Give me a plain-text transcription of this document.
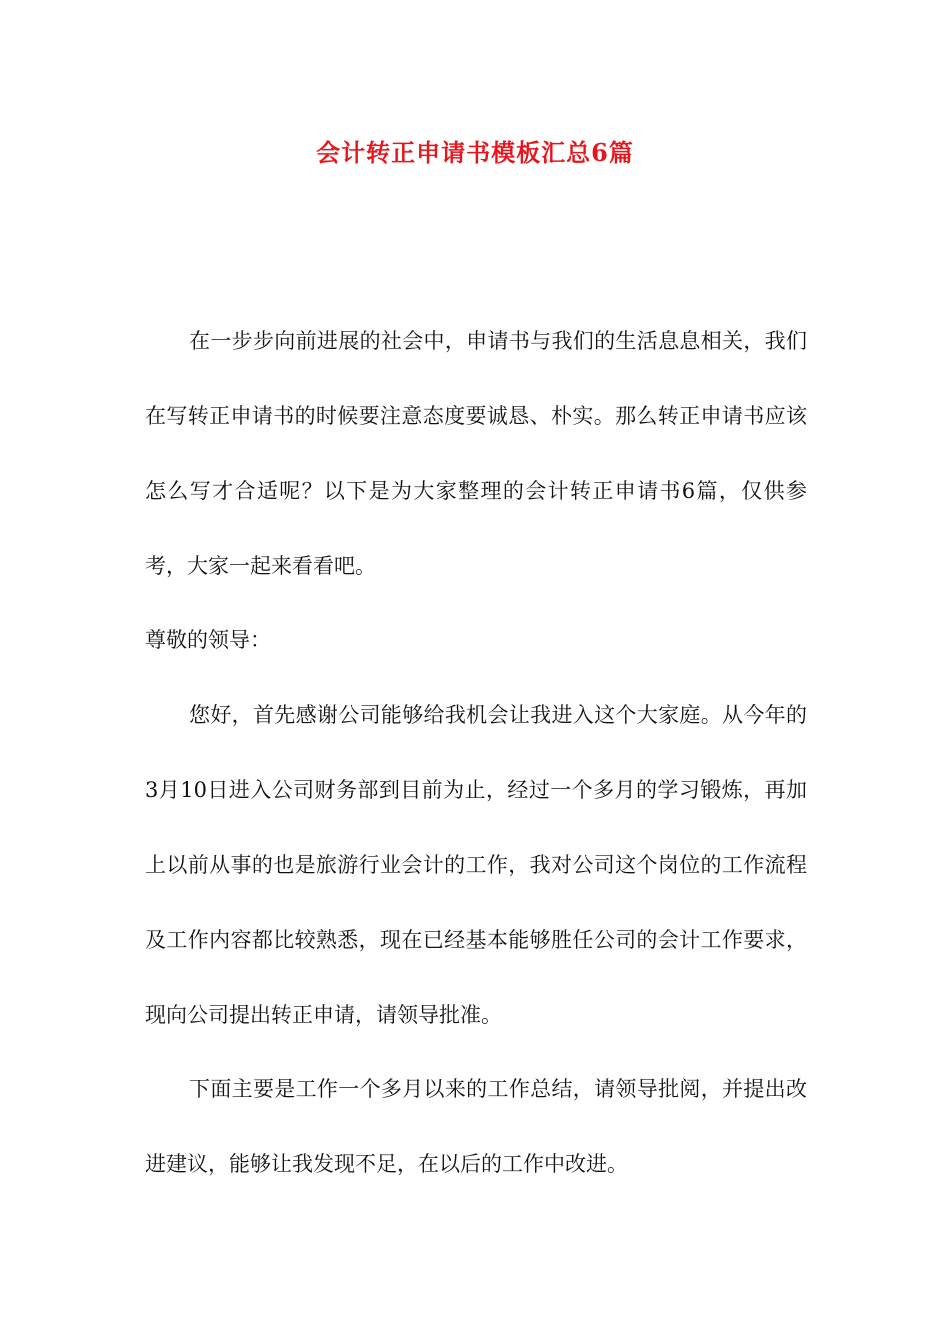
会计转正申请书模板汇总6篇

在一步步向前进展的社会中，申请书与我们的生活息息相关，我们在写转正申请书的时候要注意态度要诚恳、朴实。那么转正申请书应该怎么写才合适呢？以下是为大家整理的会计转正申请书6篇，仅供参考，大家一起来看看吧。

尊敬的领导：

您好，首先感谢公司能够给我机会让我进入这个大家庭。从今年的3月10日进入公司财务部到目前为止，经过一个多月的学习锻炼，再加上以前从事的也是旅游行业会计的工作，我对公司这个岗位的工作流程及工作内容都比较熟悉，现在已经基本能够胜任公司的会计工作要求，现向公司提出转正申请，请领导批准。

下面主要是工作一个多月以来的工作总结，请领导批阅，并提出改进建议，能够让我发现不足，在以后的工作中改进。
